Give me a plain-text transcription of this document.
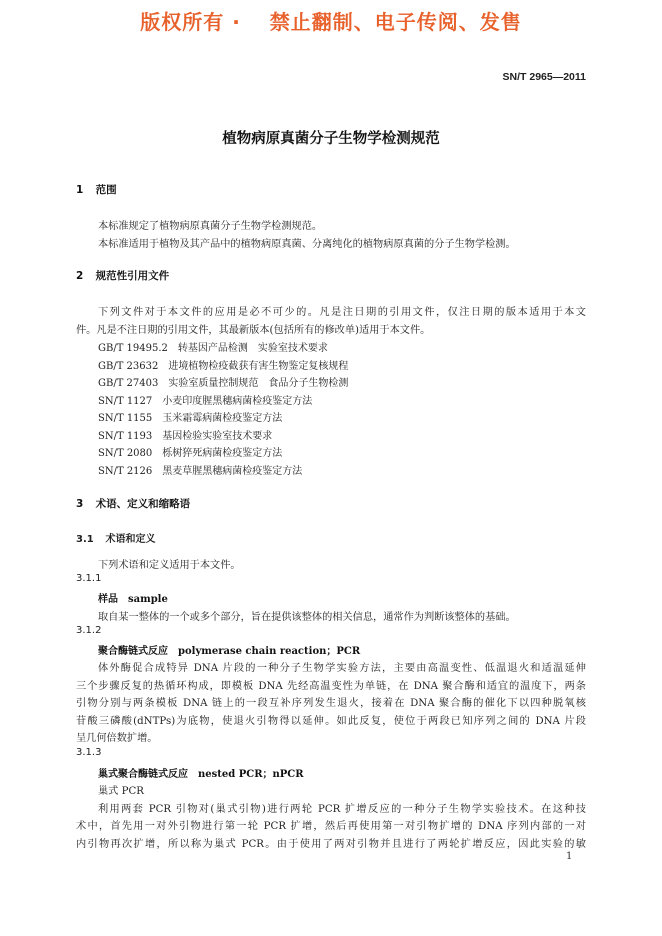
版权所有 ·　 禁止翻制、电子传阅、发售
SN/T 2965—2011
植物病原真菌分子生物学检测规范
1 范围
本标准规定了植物病原真菌分子生物学检测规范。
本标准适用于植物及其产品中的植物病原真菌、分离纯化的植物病原真菌的分子生物学检测。
2 规范性引用文件
下列文件对于本文件的应用是必不可少的。凡是注日期的引用文件，仅注日期的版本适用于本文
件。凡是不注日期的引用文件，其最新版本(包括所有的修改单)适用于本文件。
GB/T 19495.2　 转基因产品检测　实验室技术要求
GB/T 23632　 进境植物检疫截获有害生物鉴定复核规程
GB/T 27403　 实验室质量控制规范　食品分子生物检测
SN/T 1127　 小麦印度腥黑穗病菌检疫鉴定方法
SN/T 1155　 玉米霜霉病菌检疫鉴定方法
SN/T 1193　 基因检验实验室技术要求
SN/T 2080　 栎树猝死病菌检疫鉴定方法
SN/T 2126　 黑麦草腥黑穗病菌检疫鉴定方法
3 术语、定义和缩略语
3.1 术语和定义
下列术语和定义适用于本文件。
3.1.1
样品 sample
取自某一整体的一个或多个部分，旨在提供该整体的相关信息，通常作为判断该整体的基础。
3.1.2
聚合酶链式反应 polymerase chain reaction；PCR
体外酶促合成特异 DNA 片段的一种分子生物学实验方法，主要由高温变性、低温退火和适温延伸
三个步骤反复的热循环构成，即模板 DNA 先经高温变性为单链，在 DNA 聚合酶和适宜的温度下，两条
引物分别与两条模板 DNA 链上的一段互补序列发生退火，接着在 DNA 聚合酶的催化下以四种脱氧核
苷酸三磷酸(dNTPs)为底物，使退火引物得以延伸。如此反复，使位于两段已知序列之间的 DNA 片段
呈几何倍数扩增。
3.1.3
巢式聚合酶链式反应 nested PCR；nPCR
巢式 PCR
利用两套 PCR 引物对(巢式引物)进行两轮 PCR 扩增反应的一种分子生物学实验技术。在这种技
术中，首先用一对外引物进行第一轮 PCR 扩增，然后再使用第一对引物扩增的 DNA 序列内部的一对
内引物再次扩增，所以称为巢式 PCR。由于使用了两对引物并且进行了两轮扩增反应，因此实验的敏
1
